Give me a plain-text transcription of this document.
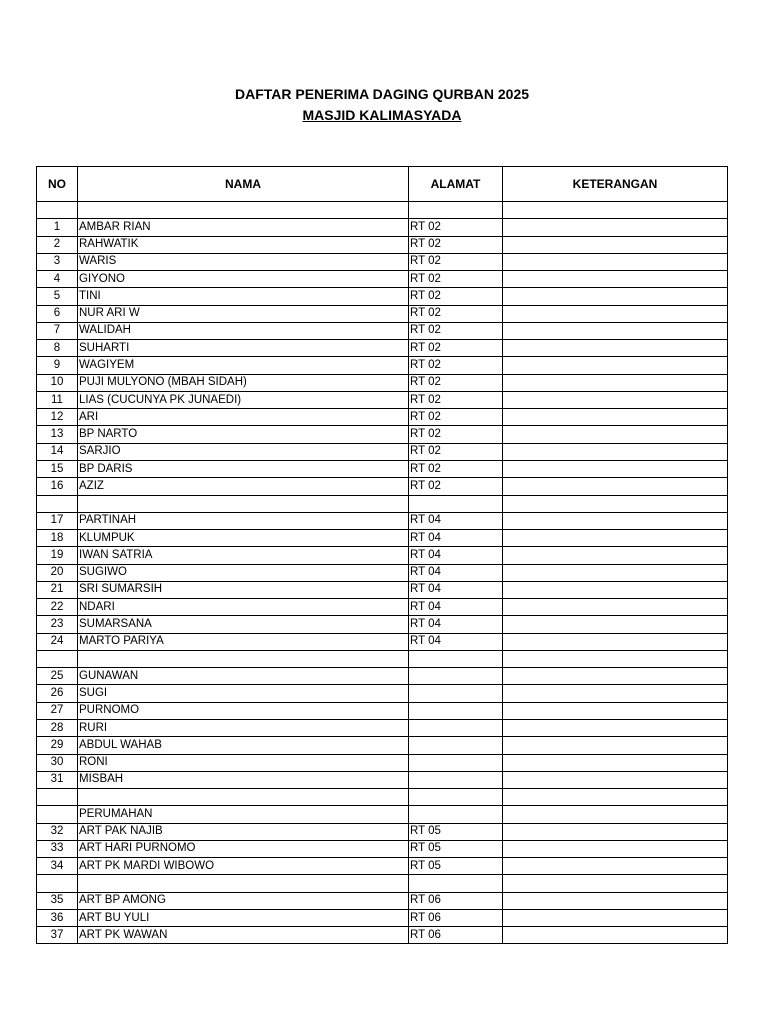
DAFTAR PENERIMA DAGING QURBAN 2025
MASJID KALIMASYADA
NO	NAMA	ALAMAT	KETERANGAN

1	AMBAR RIAN	RT 02	
2	RAHWATIK	RT 02	
3	WARIS	RT 02	
4	GIYONO	RT 02	
5	TINI	RT 02	
6	NUR ARI W	RT 02	
7	WALIDAH	RT 02	
8	SUHARTI	RT 02	
9	WAGIYEM	RT 02	
10	PUJI MULYONO (MBAH SIDAH)	RT 02	
11	LIAS (CUCUNYA PK JUNAEDI)	RT 02	
12	ARI	RT 02	
13	BP NARTO	RT 02	
14	SARJIO	RT 02	
15	BP DARIS	RT 02	
16	AZIZ	RT 02	

17	PARTINAH	RT 04	
18	KLUMPUK	RT 04	
19	IWAN SATRIA	RT 04	
20	SUGIWO	RT 04	
21	SRI SUMARSIH	RT 04	
22	NDARI	RT 04	
23	SUMARSANA	RT 04	
24	MARTO PARIYA	RT 04	

25	GUNAWAN		
26	SUGI		
27	PURNOMO		
28	RURI		
29	ABDUL WAHAB		
30	RONI		
31	MISBAH		

	PERUMAHAN		
32	ART PAK NAJIB	RT 05	
33	ART HARI PURNOMO	RT 05	
34	ART PK MARDI WIBOWO	RT 05	

35	ART BP AMONG	RT 06	
36	ART BU YULI	RT 06	
37	ART PK WAWAN	RT 06	
